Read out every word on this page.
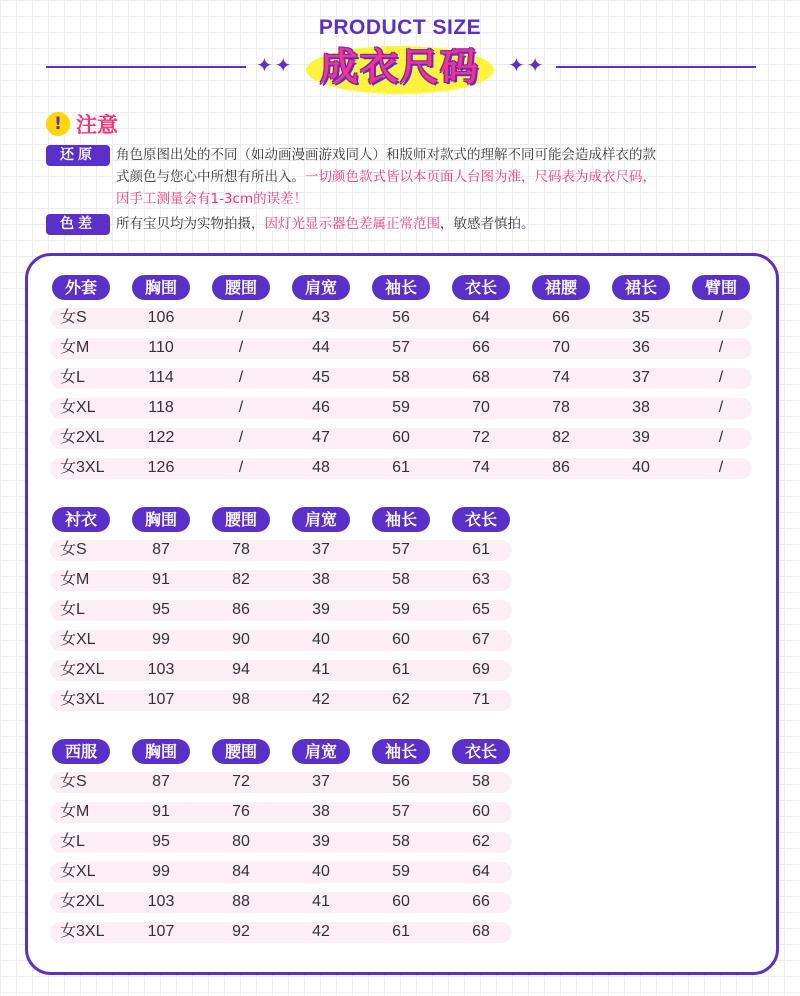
✦✦	✦✦
PRODUCT SIZE
成衣尺码
! 注意
还原	角色原图出处的不同（如动画漫画游戏同人）和版师对款式的理解不同可能会造成样衣的款
式颜色与您心中所想有所出入。一切颜色款式皆以本页面人台图为准，尺码表为成衣尺码，
因手工测量会有1-3cm的误差！
色差	所有宝贝均为实物拍摄，因灯光显示器色差属正常范围，敏感者慎拍。
外套	胸围	腰围	肩宽	袖长	衣长	裙腰	裙长	臂围
女S	106	/	43	56	64	66	35	/
女M	110	/	44	57	66	70	36	/
女L	114	/	45	58	68	74	37	/
女XL	118	/	46	59	70	78	38	/
女2XL	122	/	47	60	72	82	39	/
女3XL	126	/	48	61	74	86	40	/
衬衣	胸围	腰围	肩宽	袖长	衣长
女S	87	78	37	57	61
女M	91	82	38	58	63
女L	95	86	39	59	65
女XL	99	90	40	60	67
女2XL	103	94	41	61	69
女3XL	107	98	42	62	71
西服	胸围	腰围	肩宽	袖长	衣长
女S	87	72	37	56	58
女M	91	76	38	57	60
女L	95	80	39	58	62
女XL	99	84	40	59	64
女2XL	103	88	41	60	66
女3XL	107	92	42	61	68
